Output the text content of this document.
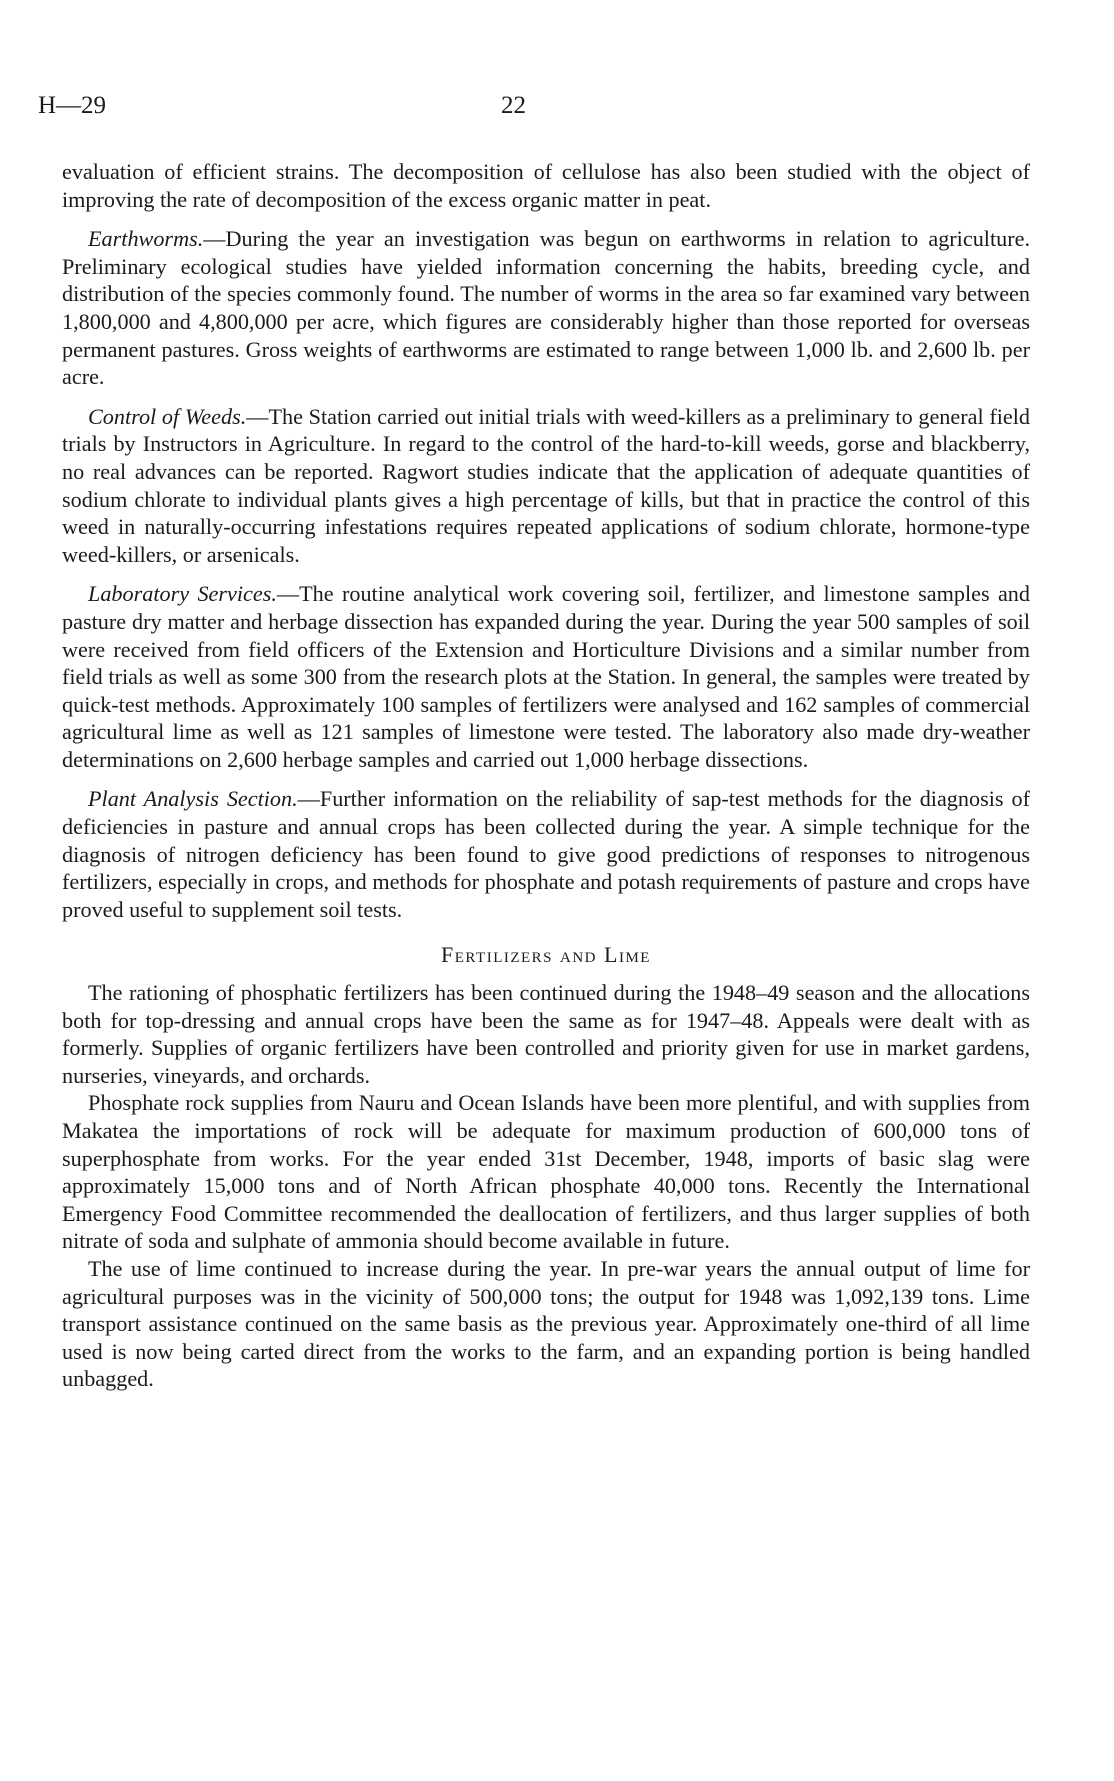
H—29	22

evaluation of efficient strains. The decomposition of cellulose has also been studied with the object of improving the rate of decomposition of the excess organic matter in peat.

Earthworms.—During the year an investigation was begun on earthworms in relation to agriculture. Preliminary ecological studies have yielded information concerning the habits, breeding cycle, and distribution of the species commonly found. The number of worms in the area so far examined vary between 1,800,000 and 4,800,000 per acre, which figures are considerably higher than those reported for overseas permanent pastures. Gross weights of earthworms are estimated to range between 1,000 lb. and 2,600 lb. per acre.

Control of Weeds.—The Station carried out initial trials with weed-killers as a preliminary to general field trials by Instructors in Agriculture. In regard to the control of the hard-to-kill weeds, gorse and blackberry, no real advances can be reported. Ragwort studies indicate that the application of adequate quantities of sodium chlorate to individual plants gives a high percentage of kills, but that in practice the control of this weed in naturally-occurring infestations requires repeated applications of sodium chlorate, hormone-type weed-killers, or arsenicals.

Laboratory Services.—The routine analytical work covering soil, fertilizer, and limestone samples and pasture dry matter and herbage dissection has expanded during the year. During the year 500 samples of soil were received from field officers of the Extension and Horticulture Divisions and a similar number from field trials as well as some 300 from the research plots at the Station. In general, the samples were treated by quick-test methods. Approximately 100 samples of fertilizers were analysed and 162 samples of commercial agricultural lime as well as 121 samples of limestone were tested. The laboratory also made dry-weather determinations on 2,600 herbage samples and carried out 1,000 herbage dissections.

Plant Analysis Section.—Further information on the reliability of sap-test methods for the diagnosis of deficiencies in pasture and annual crops has been collected during the year. A simple technique for the diagnosis of nitrogen deficiency has been found to give good predictions of responses to nitrogenous fertilizers, especially in crops, and methods for phosphate and potash requirements of pasture and crops have proved useful to supplement soil tests.

Fertilizers and Lime

The rationing of phosphatic fertilizers has been continued during the 1948–49 season and the allocations both for top-dressing and annual crops have been the same as for 1947–48. Appeals were dealt with as formerly. Supplies of organic fertilizers have been controlled and priority given for use in market gardens, nurseries, vineyards, and orchards.

Phosphate rock supplies from Nauru and Ocean Islands have been more plentiful, and with supplies from Makatea the importations of rock will be adequate for maximum production of 600,000 tons of superphosphate from works. For the year ended 31st December, 1948, imports of basic slag were approximately 15,000 tons and of North African phosphate 40,000 tons. Recently the International Emergency Food Committee recommended the deallocation of fertilizers, and thus larger supplies of both nitrate of soda and sulphate of ammonia should become available in future.

The use of lime continued to increase during the year. In pre-war years the annual output of lime for agricultural purposes was in the vicinity of 500,000 tons; the output for 1948 was 1,092,139 tons. Lime transport assistance continued on the same basis as the previous year. Approximately one-third of all lime used is now being carted direct from the works to the farm, and an expanding portion is being handled unbagged.
